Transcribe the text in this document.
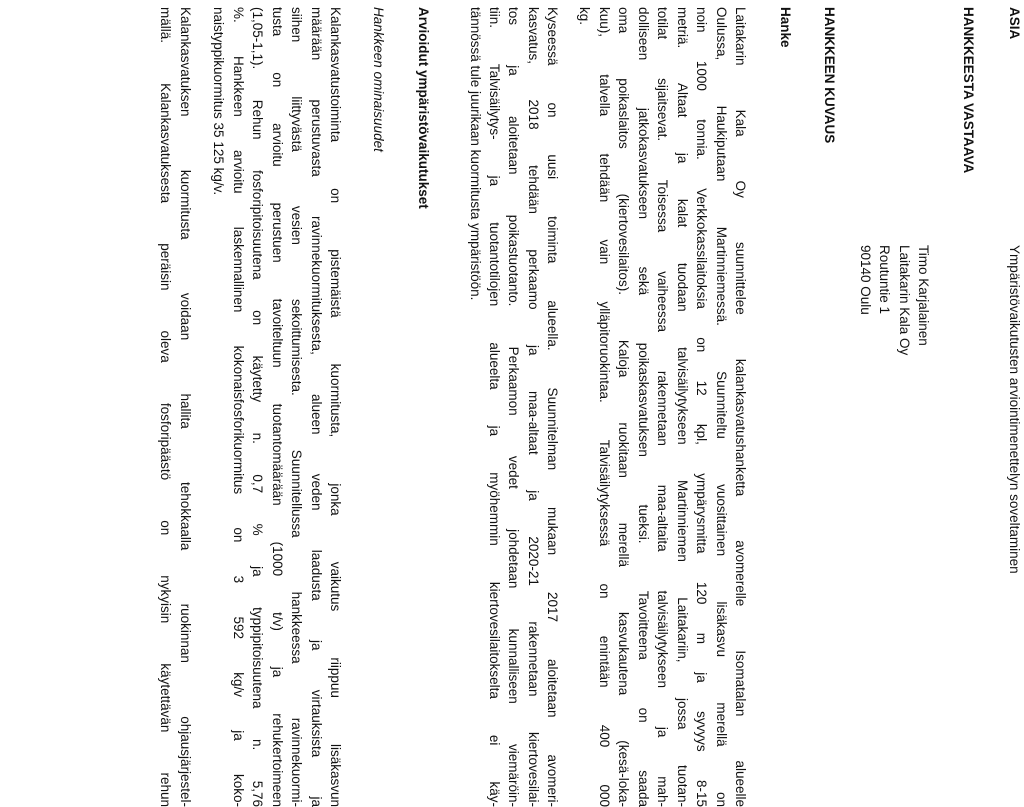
ASIA
Ympäristövaikutusten arviointimenettelyn soveltaminen
HANKKEESTA VASTAAVA
Timo Karjalainen
Laitakarin Kala Oy
Routuntie 1
90140 Oulu
HANKKEEN KUVAUS
Hanke
Laitakarin Kala Oy suunnittelee kalankasvatushanketta avomerelle Isomatalan alueelle
Oulussa, Haukiputaan Martinniemessä. Suunniteltu vuosittainen lisäkasvu merellä on
noin 1000 tonnia. Verkkokassilaitoksia on 12 kpl, ympärysmitta 120 m ja syvyys 8-15
metriä. Altaat ja kalat tuodaan talvisäilytykseen Martinniemen Laitakariin, jossa tuotan-
totilat sijaitsevat. Toisessa vaiheessa rakennetaan maa-altaita talvisäilytykseen ja mah-
dolliseen jatkokasvatukseen sekä poikaskasvatuksen tueksi. Tavoitteena on saada
oma poikaslaitos (kiertovesilaitos). Kaloja ruokitaan merellä kasvukautena (kesä-loka-
kuu), talvella tehdään vain ylläpitoruokintaa. Talvisäilytyksessä on enintään 400 000
kg.
Kyseessä on uusi toiminta alueella. Suunnitelman mukaan 2017 aloitetaan avomeri-
kasvatus, 2018 tehdään perkaamo ja maa-altaat ja 2020-21 rakennetaan kiertovesilai-
tos ja aloitetaan poikastuotanto. Perkaamon vedet johdetaan kunnalliseen viemäröin-
tiin. Talvisäilytys- ja tuotantotilojen alueelta ja myöhemmin kiertovesilaitokselta ei käy-
tännössä tule juurikaan kuormitusta ympäristöön.
Arvioidut ympäristövaikutukset
Hankkeen ominaisuudet
Kalankasvatustoiminta on pistemäistä kuormitusta, jonka vaikutus riippuu lisäkasvun
määrään perustuvasta ravinnekuormituksesta, alueen veden laadusta ja virtauksista ja
siihen liittyvästä vesien sekoittumisesta. Suunnitellussa hankkeessa ravinnekuormi-
tusta on arvioitu perustuen tavoiteltuun tuotantomäärään (1000 t/v) ja rehukertoimeen
(1,05-1,1). Rehun fosforipitoisuutena on käytetty n. 0,7 % ja typpipitoisuutena n. 5,76
%. Hankkeen arvioitu laskennallinen kokonaisfosforikuormitus on 3 592 kg/v ja koko-
naistyppikuormitus 35 125 kg/v.
Kalankasvatuksen kuormitusta voidaan hallita tehokkaalla ruokinnan ohjausjärjestel-
mällä. Kalankasvatuksesta peräisin oleva fosforipäästö on nykyisin käytettävän rehun
